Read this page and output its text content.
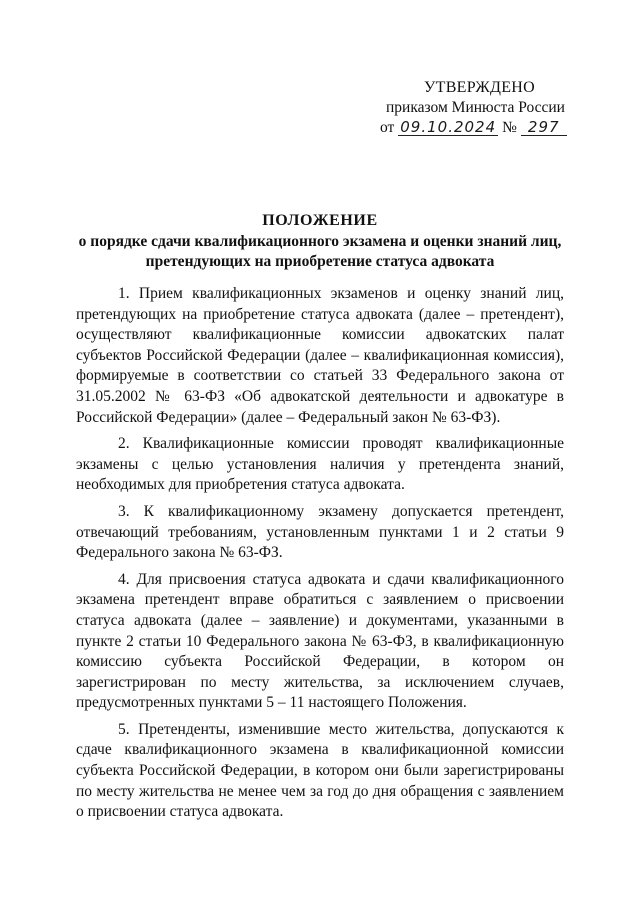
УТВЕРЖДЕНО
приказом Минюста России
от 09.10.2024 № 297
ПОЛОЖЕНИЕ
о порядке сдачи квалификационного экзамена и оценки знаний лиц,
претендующих на приобретение статуса адвоката

1. Прием квалификационных экзаменов и оценку знаний лиц, претендующих на приобретение статуса адвоката (далее – претендент), осуществляют квалификационные комиссии адвокатских палат субъектов Российской Федерации (далее – квалификационная комиссия), формируемые в соответствии со статьей 33 Федерального закона от 31.05.2002 № 63-ФЗ «Об адвокатской деятельности и адвокатуре в Российской Федерации» (далее – Федеральный закон № 63-ФЗ).

2. Квалификационные комиссии проводят квалификационные экзамены с целью установления наличия у претендента знаний, необходимых для приобретения статуса адвоката.

3. К квалификационному экзамену допускается претендент, отвечающий требованиям, установленным пунктами 1 и 2 статьи 9 Федерального закона № 63-ФЗ.

4. Для присвоения статуса адвоката и сдачи квалификационного экзамена претендент вправе обратиться с заявлением о присвоении статуса адвоката (далее – заявление) и документами, указанными в пункте 2 статьи 10 Федерального закона № 63-ФЗ, в квалификационную комиссию субъекта Российской Федерации, в котором он зарегистрирован по месту жительства, за исключением случаев, предусмотренных пунктами 5 – 11 настоящего Положения.

5. Претенденты, изменившие место жительства, допускаются к сдаче квалификационного экзамена в квалификационной комиссии субъекта Российской Федерации, в котором они были зарегистрированы по месту жительства не менее чем за год до дня обращения с заявлением о присвоении статуса адвоката.
